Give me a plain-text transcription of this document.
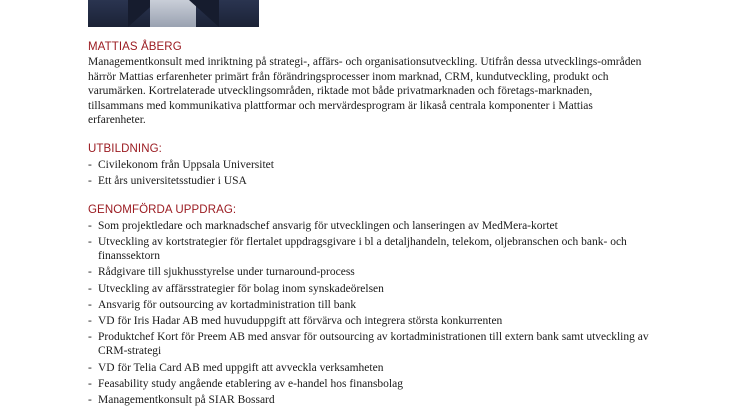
MATTIAS ÅBERG

Managementkonsult med inriktning på strategi-, affärs- och organisationsutveckling. Utifrån dessa utvecklings-områden härrör Mattias erfarenheter primärt från förändringsprocesser inom marknad, CRM, kundutveckling, produkt och varumärken. Kortrelaterade utvecklingsområden, riktade mot både privatmarknaden och företags-marknaden, tillsammans med kommunikativa plattformar och mervärdesprogram är likaså centrala komponenter i Mattias erfarenheter.

UTBILDNING:
- Civilekonom från Uppsala Universitet
- Ett års universitetsstudier i USA
GENOMFÖRDA UPPDRAG:
- Som projektledare och marknadschef ansvarig för utvecklingen och lanseringen av MedMera-kortet
- Utveckling av kortstrategier för flertalet uppdragsgivare i bl a detaljhandeln, telekom, oljebranschen och bank- och finanssektorn
- Rådgivare till sjukhusstyrelse under turnaround-process
- Utveckling av affärsstrategier för bolag inom synskadeörelsen
- Ansvarig för outsourcing av kortadministration till bank
- VD för Iris Hadar AB med huvuduppgift att förvärva och integrera största konkurrenten
- Produktchef Kort för Preem AB med ansvar för outsourcing av kortadministrationen till extern bank samt utveckling av CRM-strategi
- VD för Telia Card AB med uppgift att avveckla verksamheten
- Feasability study angående etablering av e-handel hos finansbolag
- Managementkonsult på SIAR Bossard
